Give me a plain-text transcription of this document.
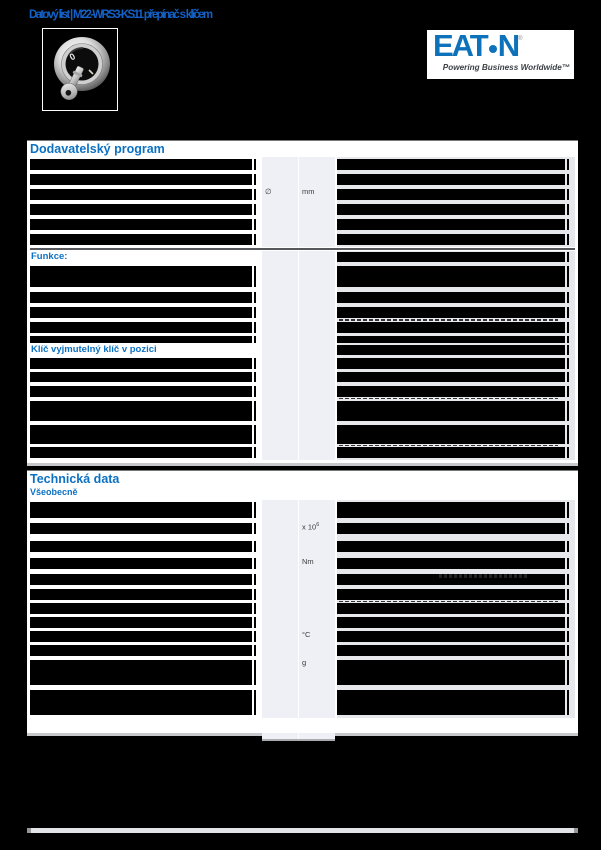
Datový list | M22-WRS3-KS11 přepínač s klíčem
0	EAT N ®
Powering Business Worldwide™
Dodavatelský program
∅	mm
Funkce:
Klíč vyjmutelný klíč v pozici
Technická data
Všeobecně
x $10^6$
Nm
°C
g
